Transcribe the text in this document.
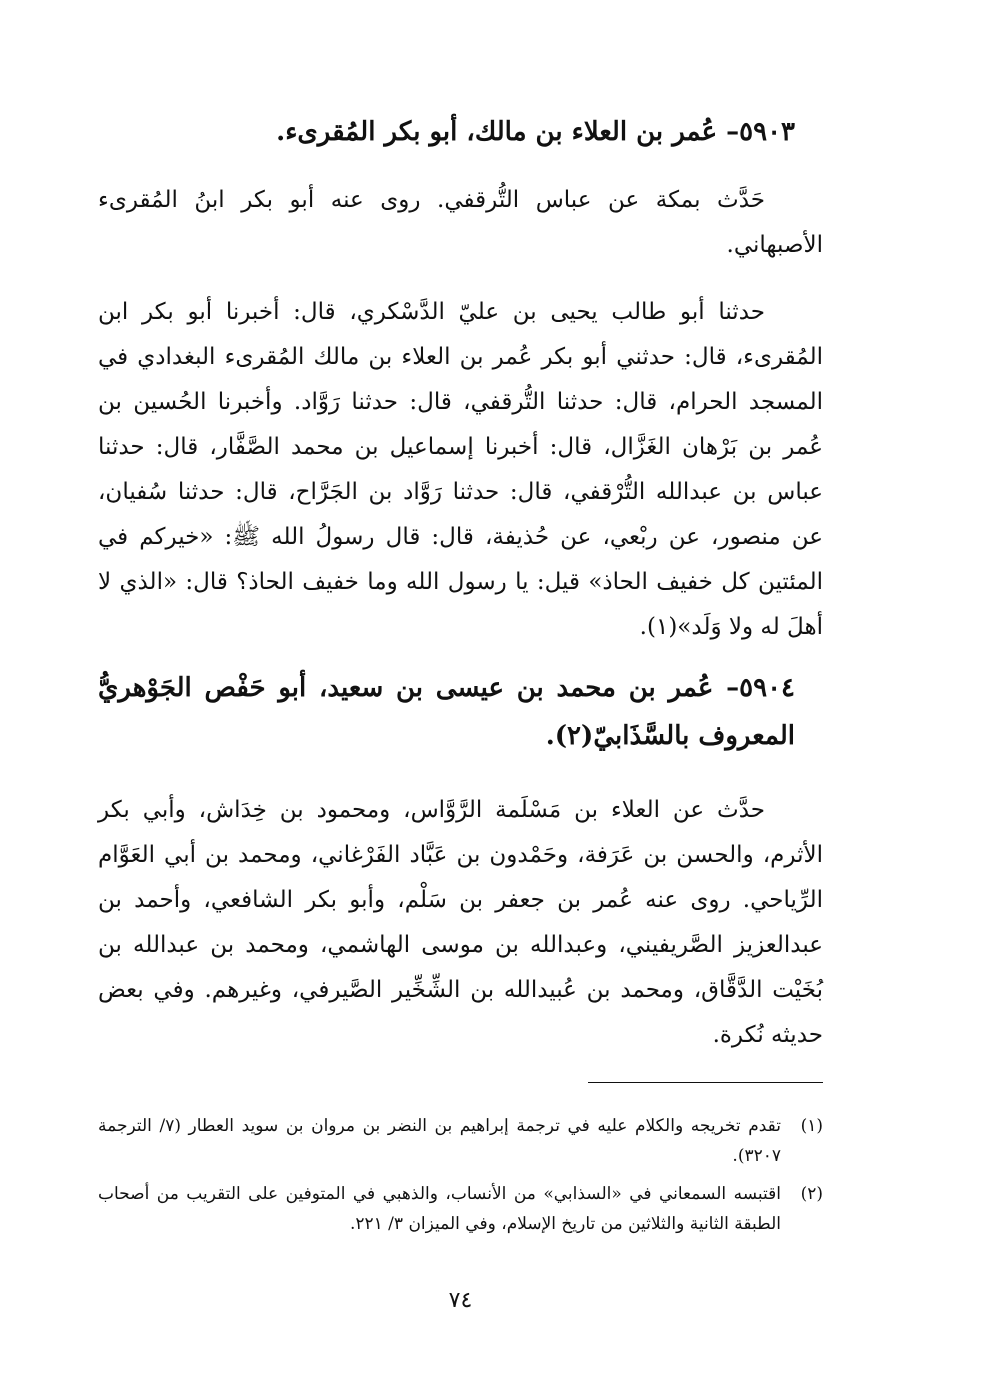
٥٩٠٣– عُمر بن العلاء بن مالك، أبو بكر المُقرىء.

حَدَّث بمكة عن عباس التُّرقفي. روى عنه أبو بكر ابنُ المُقرىء الأصبهاني.

حدثنا أبو طالب يحيى بن عليّ الدَّسْكري، قال: أخبرنا أبو بكر ابن المُقرىء، قال: حدثني أبو بكر عُمر بن العلاء بن مالك المُقرىء البغدادي في المسجد الحرام، قال: حدثنا التُّرقفي، قال: حدثنا رَوَّاد. وأخبرنا الحُسين بن عُمر بن بَرْهان الغَزَّال، قال: أخبرنا إسماعيل بن محمد الصَّفَّار، قال: حدثنا عباس بن عبدالله التُّرْقفي، قال: حدثنا رَوَّاد بن الجَرَّاح، قال: حدثنا سُفيان، عن منصور، عن ربْعي، عن حُذيفة، قال: قال رسولُ الله ﷺ: «خيركم في المئتين كل خفيف الحاذ» قيل: يا رسول الله وما خفيف الحاذ؟ قال: «الذي لا أهلَ له ولا وَلَد»(١).

٥٩٠٤– عُمر بن محمد بن عيسى بن سعيد، أبو حَفْص الجَوْهريُّ المعروف بالسَّذَابيّ(٢).

حدَّث عن العلاء بن مَسْلَمة الرَّوَّاس، ومحمود بن خِدَاش، وأبي بكر الأثرم، والحسن بن عَرَفة، وحَمْدون بن عَبَّاد الفَرْغاني، ومحمد بن أبي العَوَّام الرِّياحي. روى عنه عُمر بن جعفر بن سَلْم، وأبو بكر الشافعي، وأحمد بن عبدالعزيز الصَّريفيني، وعبدالله بن موسى الهاشمي، ومحمد بن عبدالله بن بُخَيْت الدَّقَّاق، ومحمد بن عُبيدالله بن الشِّخِّير الصَّيرفي، وغيرهم. وفي بعض حديثه نُكرة.

(١)
تقدم تخريجه والكلام عليه في ترجمة إبراهيم بن النضر بن مروان بن سويد العطار (٧/ الترجمة ٣٢٠٧).
(٢)
اقتبسه السمعاني في «السذابي» من الأنساب، والذهبي في المتوفين على التقريب من أصحاب الطبقة الثانية والثلاثين من تاريخ الإسلام، وفي الميزان ٣/ ٢٢١.
٧٤
